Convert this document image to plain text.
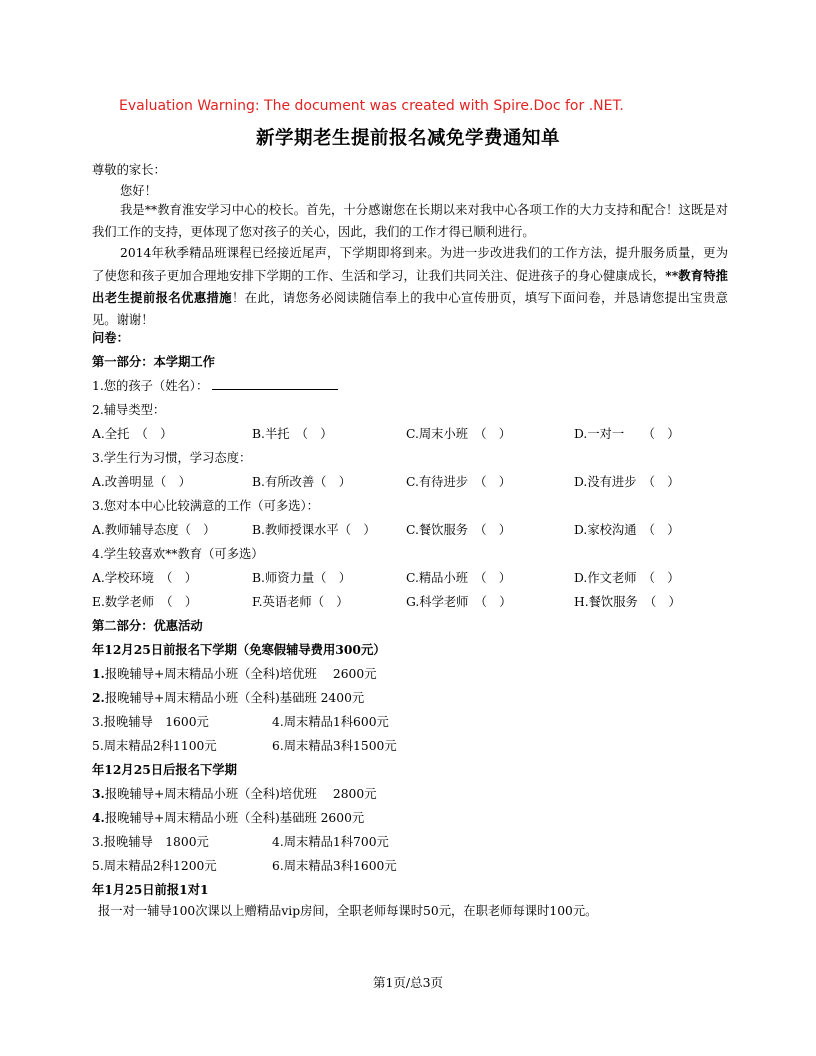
Evaluation Warning: The document was created with Spire.Doc for .NET.
新学期老生提前报名减免学费通知单
尊敬的家长：
您好！
我是**教育淮安学习中心的校长。首先，十分感谢您在长期以来对我中心各项工作的大力支持和配合！这既是对我们工作的支持，更体现了您对孩子的关心，因此，我们的工作才得已顺利进行。
2014年秋季精品班课程已经接近尾声，下学期即将到来。为进一步改进我们的工作方法，提升服务质量，更为了使您和孩子更加合理地安排下学期的工作、生活和学习，让我们共同关注、促进孩子的身心健康成长，**教育特推出老生提前报名优惠措施！在此，请您务必阅读随信奉上的我中心宣传册页，填写下面问卷，并恳请您提出宝贵意见。谢谢！
问卷：
第一部分：本学期工作
1.您的孩子（姓名）：
2.辅导类型：
A.全托　（　）	B.半托　（　）	C.周末小班　（　）	D.一对一　　（　）
3.学生行为习惯，学习态度：
A.改善明显（　）	B.有所改善（　）	C.有待进步　（　）	D.没有进步　（　）
3.您对本中心比较满意的工作（可多选）：
A.教师辅导态度（　）	B.教师授课水平（　） C.餐饮服务　（　）	D.家校沟通　（　）
4.学生较喜欢**教育（可多选）
A.学校环境　（　）	B.师资力量（　）	C.精品小班　（　）	D.作文老师　（　）
E.数学老师　（　）	F.英语老师（　）	G.科学老师　（　）	H.餐饮服务　（　）
第二部分：优惠活动
年12月25日前报名下学期（免寒假辅导费用300元）
1.报晚辅导+周末精品小班（全科)培优班　 2600元
2.报晚辅导+周末精品小班（全科)基础班 2400元
3.报晚辅导　1600元	4.周末精品1科600元
5.周末精品2科1100元	6.周末精品3科1500元
年12月25日后报名下学期
3.报晚辅导+周末精品小班（全科)培优班　 2800元
4.报晚辅导+周末精品小班（全科)基础班 2600元
3.报晚辅导　1800元	4.周末精品1科700元
5.周末精品2科1200元	6.周末精品3科1600元
年1月25日前报1对1
报一对一辅导100次课以上赠精品vip房间，全职老师每课时50元，在职老师每课时100元。
第1页/总3页
